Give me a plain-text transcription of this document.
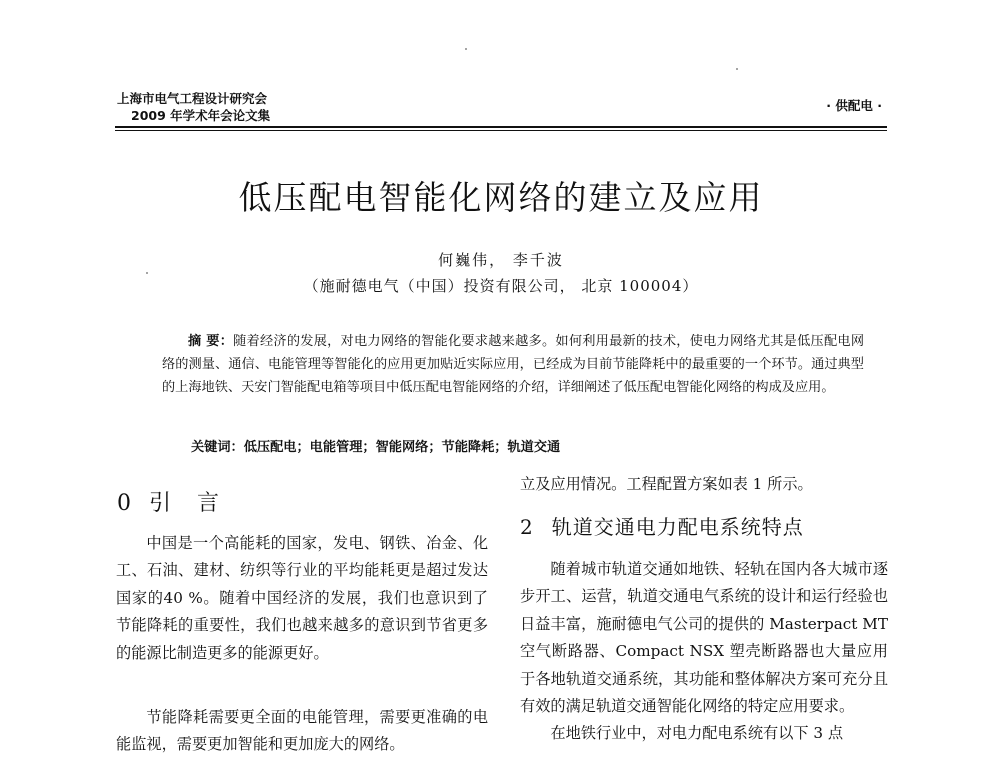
上海市电气工程设计研究会
2009 年学术年会论文集
· 供配电 ·
低压配电智能化网络的建立及应用
何巍伟， 李千波
（施耐德电气（中国）投资有限公司， 北京 100004）
摘 要：随着经济的发展，对电力网络的智能化要求越来越多。如何利用最新的技术，使电力网络尤其是低压配电网络的测量、通信、电能管理等智能化的应用更加贴近实际应用，已经成为目前节能降耗中的最重要的一个环节。通过典型的上海地铁、天安门智能配电箱等项目中低压配电智能网络的介绍，详细阐述了低压配电智能化网络的构成及应用。
关键词：低压配电；电能管理；智能网络；节能降耗；轨道交通
0 引言

中国是一个高能耗的国家，发电、钢铁、冶金、化工、石油、建材、纺织等行业的平均能耗更是超过发达国家的40 %。随着中国经济的发展，我们也意识到了节能降耗的重要性，我们也越来越多的意识到节省更多的能源比制造更多的能源更好。

节能降耗需要更全面的电能管理，需要更准确的电能监视，需要更加智能和更加庞大的网络。

立及应用情况。工程配置方案如表 1 所示。
2 轨道交通电力配电系统特点

随着城市轨道交通如地铁、轻轨在国内各大城市逐步开工、运营，轨道交通电气系统的设计和运行经验也日益丰富，施耐德电气公司的提供的 Masterpact MT 空气断路器、Compact NSX 塑壳断路器也大量应用于各地轨道交通系统，其功能和整体解决方案可充分且有效的满足轨道交通智能化网络的特定应用要求。

在地铁行业中，对电力配电系统有以下 3 点
